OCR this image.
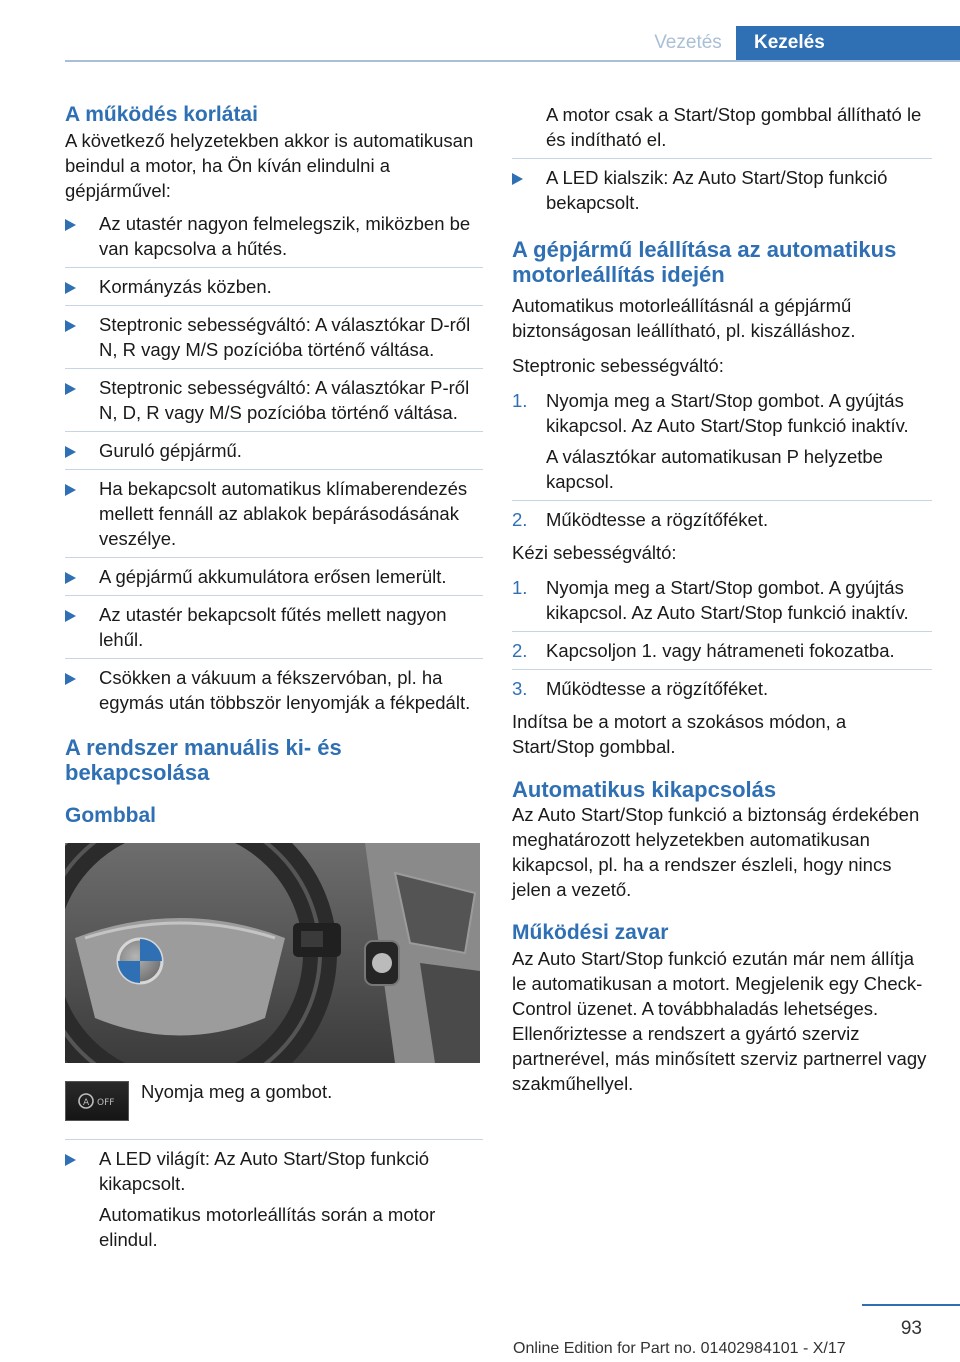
Vezetés	Kezelés
A működés korlátai
A következő helyzetekben akkor is automatikusan beindul a motor, ha Ön kíván elindulni a gépjárművel:
Az utastér nagyon felmelegszik, miközben be van kapcsolva a hűtés.
Kormányzás közben.
Steptronic sebességváltó: A választókar D-ről N, R vagy M/S pozícióba történő váltása.
Steptronic sebességváltó: A választókar P-ről N, D, R vagy M/S pozícióba történő váltása.
Guruló gépjármű.
Ha bekapcsolt automatikus klímaberendezés mellett fennáll az ablakok bepárásodásának veszélye.
A gépjármű akkumulátora erősen lemerült.
Az utastér bekapcsolt fűtés mellett nagyon lehűl.
Csökken a vákuum a fékszervóban, pl. ha egymás után többször lenyomják a fékpedált.
A rendszer manuális ki- és bekapcsolása
Gombbal
A OFF
Nyomja meg a gombot.
A LED világít: Az Auto Start/Stop funkció kikapcsolt.
Automatikus motorleállítás során a motor elindul.
A motor csak a Start/Stop gombbal állítható le és indítható el.
A LED kialszik: Az Auto Start/Stop funkció bekapcsolt.
A gépjármű leállítása az automatikus motorleállítás idején
Automatikus motorleállításnál a gépjármű biztonságosan leállítható, pl. kiszálláshoz.
Steptronic sebességváltó:
1. Nyomja meg a Start/Stop gombot. A gyújtás kikapcsol. Az Auto Start/Stop funkció inaktív.
A választókar automatikusan P helyzetbe kapcsol.
2. Működtesse a rögzítőféket.
Kézi sebességváltó:
1. Nyomja meg a Start/Stop gombot. A gyújtás kikapcsol. Az Auto Start/Stop funkció inaktív.
2. Kapcsoljon 1. vagy hátrameneti fokozatba.
3. Működtesse a rögzítőféket.
Indítsa be a motort a szokásos módon, a Start/Stop gombbal.
Automatikus kikapcsolás
Az Auto Start/Stop funkció a biztonság érdekében meghatározott helyzetekben automatikusan kikapcsol, pl. ha a rendszer észleli, hogy nincs jelen a vezető.
Működési zavar
Az Auto Start/Stop funkció ezután már nem állítja le automatikusan a motort. Megjelenik egy Check-Control üzenet. A továbbhaladás lehetséges. Ellenőriztesse a rendszert a gyártó szerviz partnerével, más minősített szerviz partnerrel vagy szakműhellyel.
93
Online Edition for Part no. 01402984101 - X/17
